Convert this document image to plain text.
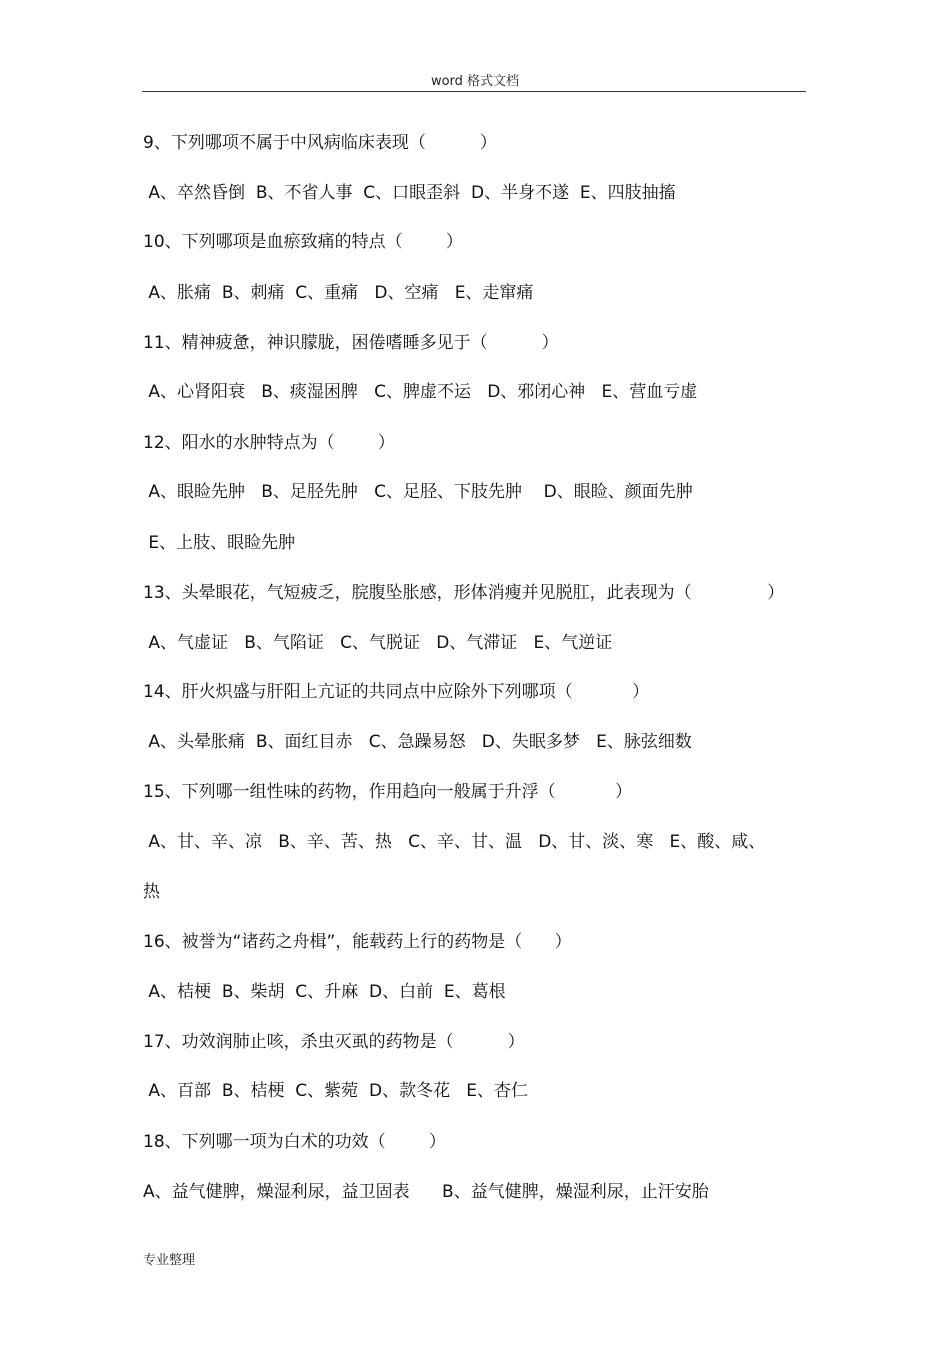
word 格式文档
9、下列哪项不属于中风病临床表现（          ）
A、卒然昏倒  B、不省人事  C、口眼歪斜  D、半身不遂  E、四肢抽搐
10、下列哪项是血瘀致痛的特点（        ）
A、胀痛  B、刺痛  C、重痛   D、空痛   E、走窜痛
11、精神疲惫，神识朦胧，困倦嗜睡多见于（          ）
A、心肾阳衰   B、痰湿困脾   C、脾虚不运   D、邪闭心神   E、营血亏虚
12、阳水的水肿特点为（        ）
A、眼睑先肿   B、足胫先肿   C、足胫、下肢先肿    D、眼睑、颜面先肿
E、上肢、眼睑先肿
13、头晕眼花，气短疲乏，脘腹坠胀感，形体消瘦并见脱肛，此表现为（              ）
A、气虚证   B、气陷证   C、气脱证   D、气滞证   E、气逆证
14、肝火炽盛与肝阳上亢证的共同点中应除外下列哪项（           ）
A、头晕胀痛  B、面红目赤   C、急躁易怒   D、失眠多梦   E、脉弦细数
15、下列哪一组性味的药物，作用趋向一般属于升浮（           ）
A、甘、辛、凉   B、辛、苦、热   C、辛、甘、温   D、甘、淡、寒   E、酸、咸、
热
16、被誉为“诸药之舟楫”，能载药上行的药物是（      ）
A、桔梗  B、柴胡  C、升麻  D、白前  E、葛根
17、功效润肺止咳，杀虫灭虱的药物是（          ）
A、百部  B、桔梗  C、紫菀  D、款冬花   E、杏仁
18、下列哪一项为白术的功效（        ）
A、益气健脾，燥湿利尿，益卫固表      B、益气健脾，燥湿利尿，止汗安胎
专业整理
